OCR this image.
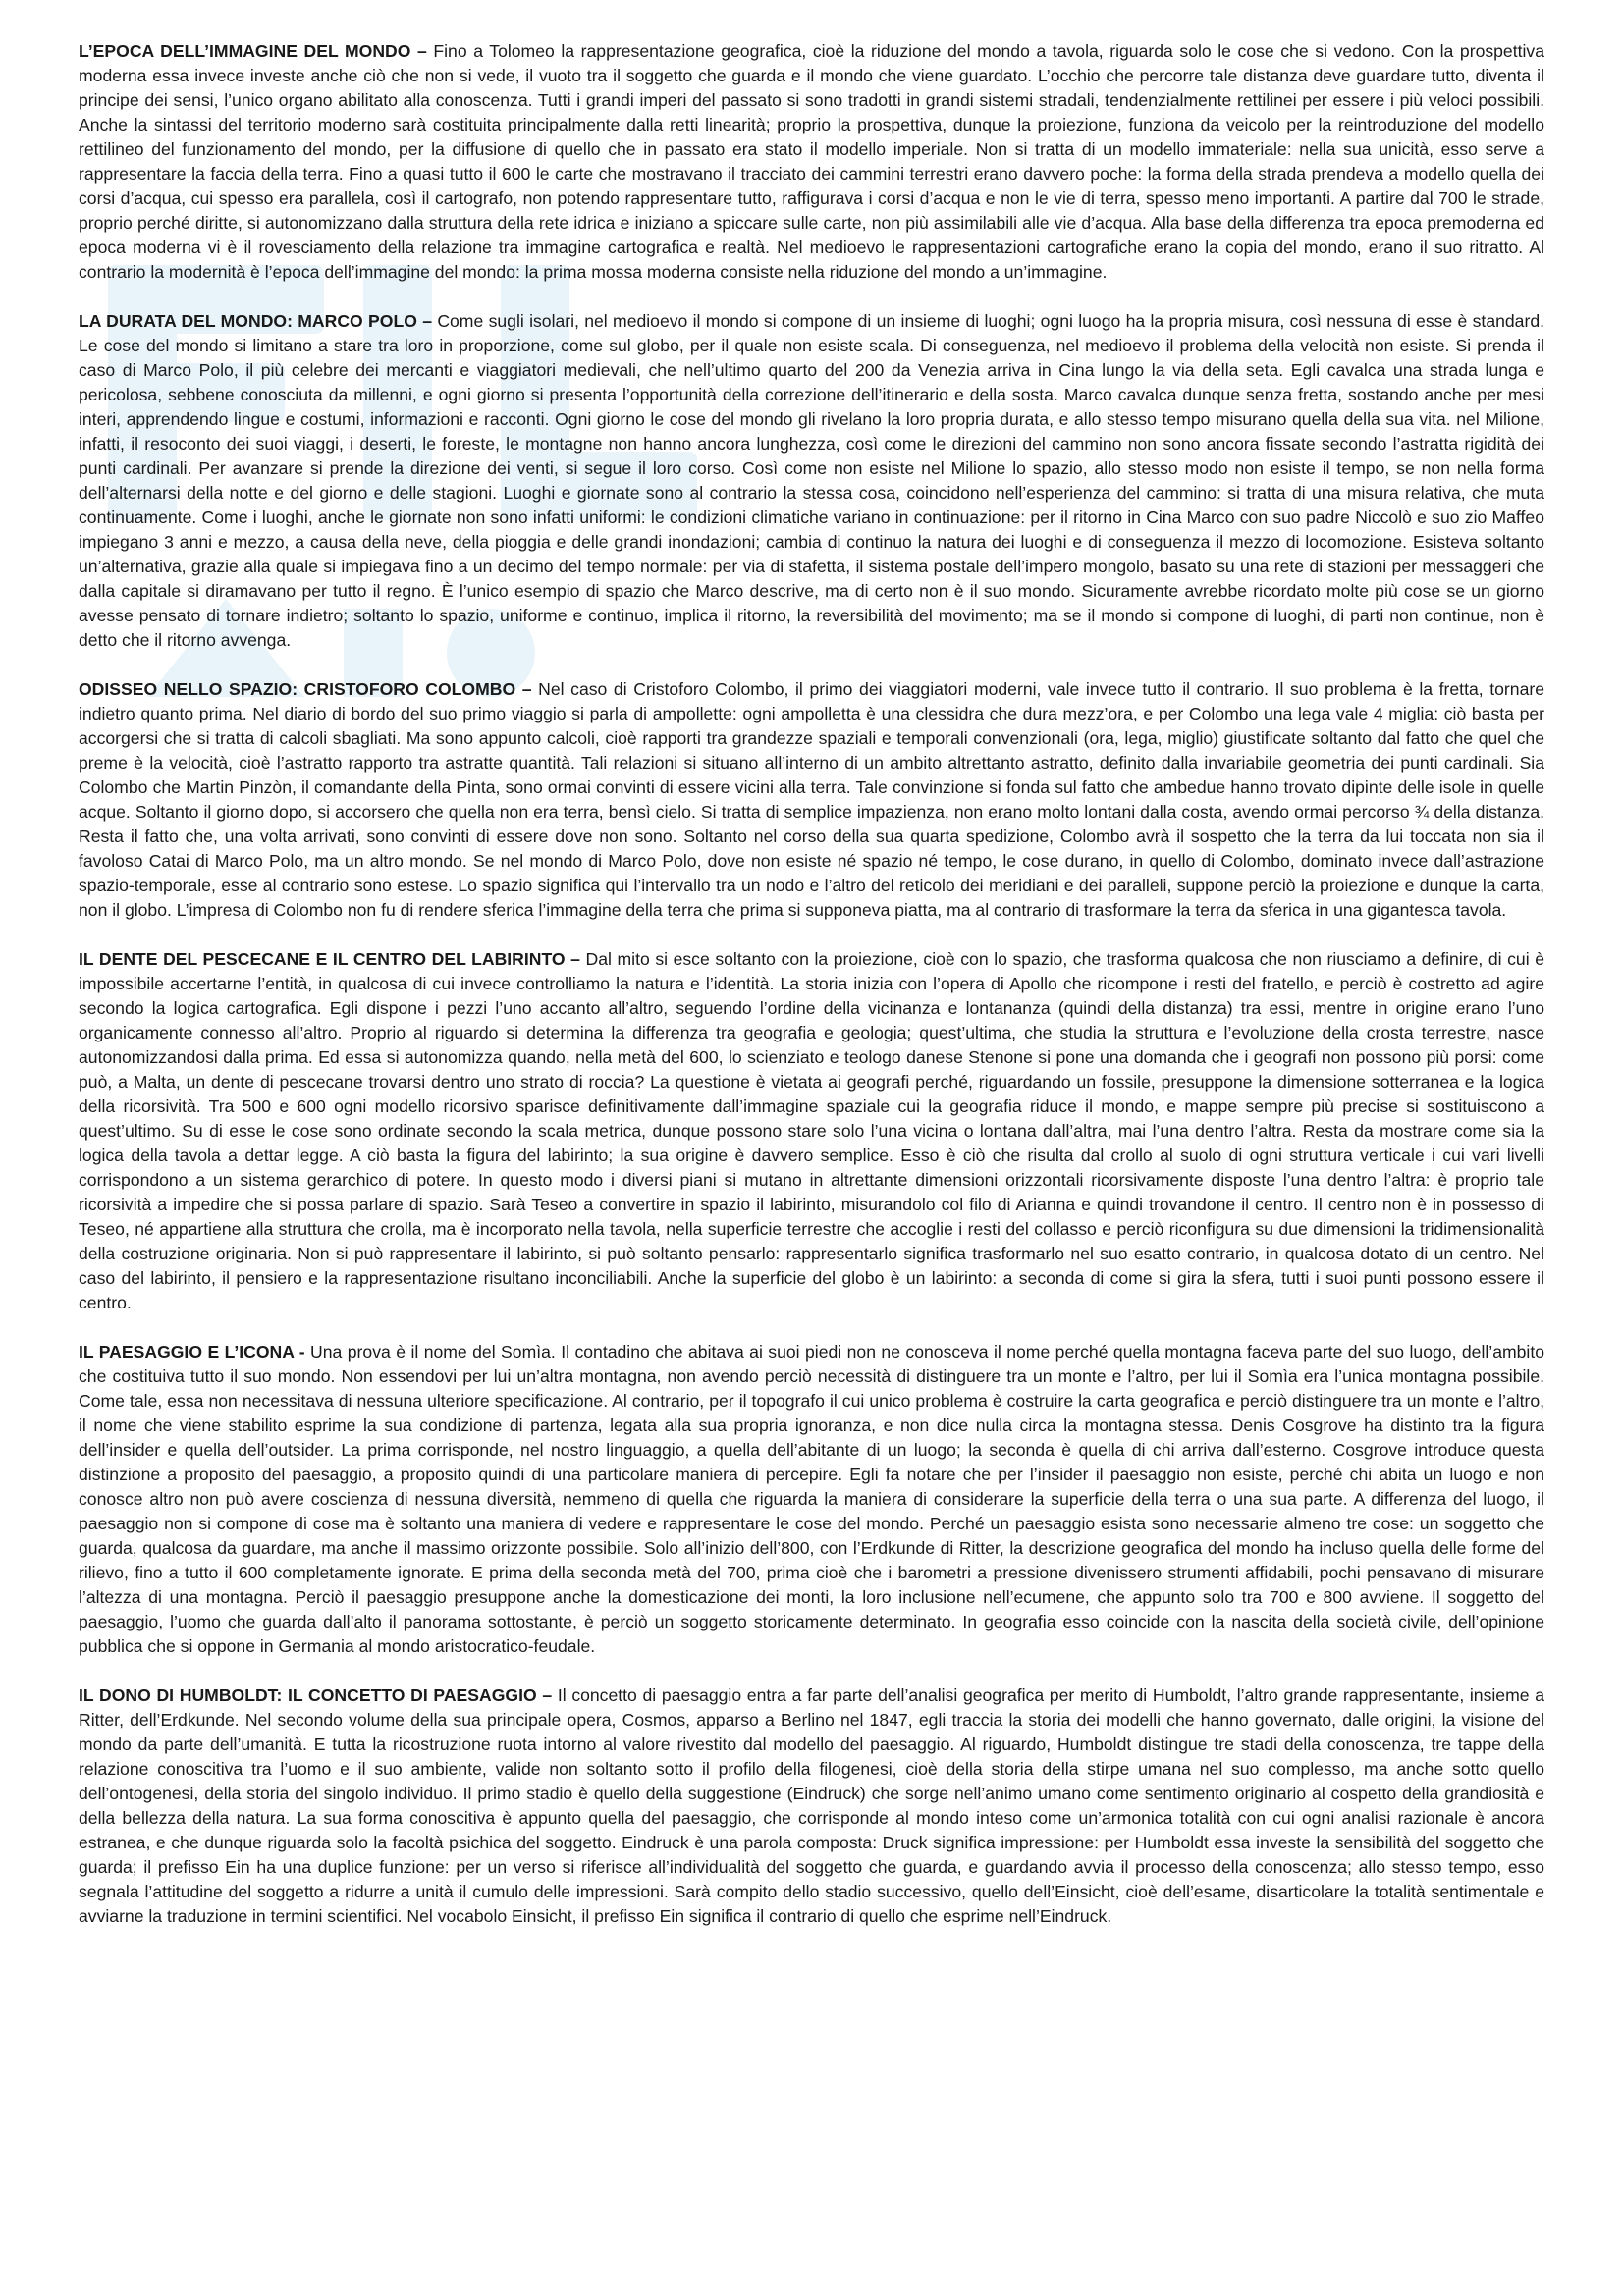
L’EPOCA DELL’IMMAGINE DEL MONDO – Fino a Tolomeo la rappresentazione geografica, cioè la riduzione del mondo a tavola, riguarda solo le cose che si vedono. Con la prospettiva moderna essa invece investe anche ciò che non si vede, il vuoto tra il soggetto che guarda e il mondo che viene guardato. L’occhio che percorre tale distanza deve guardare tutto, diventa il principe dei sensi, l’unico organo abilitato alla conoscenza. Tutti i grandi imperi del passato si sono tradotti in grandi sistemi stradali, tendenzialmente rettilinei per essere i più veloci possibili. Anche la sintassi del territorio moderno sarà costituita principalmente dalla retti linearità; proprio la prospettiva, dunque la proiezione, funziona da veicolo per la reintroduzione del modello rettilineo del funzionamento del mondo, per la diffusione di quello che in passato era stato il modello imperiale. Non si tratta di un modello immateriale: nella sua unicità, esso serve a rappresentare la faccia della terra. Fino a quasi tutto il 600 le carte che mostravano il tracciato dei cammini terrestri erano davvero poche: la forma della strada prendeva a modello quella dei corsi d’acqua, cui spesso era parallela, così il cartografo, non potendo rappresentare tutto, raffigurava i corsi d’acqua e non le vie di terra, spesso meno importanti. A partire dal 700 le strade, proprio perché diritte, si autonomizzano dalla struttura della rete idrica e iniziano a spiccare sulle carte, non più assimilabili alle vie d’acqua. Alla base della differenza tra epoca premoderna ed epoca moderna vi è il rovesciamento della relazione tra immagine cartografica e realtà. Nel medioevo le rappresentazioni cartografiche erano la copia del mondo, erano il suo ritratto. Al contrario la modernità è l’epoca dell’immagine del mondo: la prima mossa moderna consiste nella riduzione del mondo a un’immagine.

LA DURATA DEL MONDO: MARCO POLO – Come sugli isolari, nel medioevo il mondo si compone di un insieme di luoghi; ogni luogo ha la propria misura, così nessuna di esse è standard. Le cose del mondo si limitano a stare tra loro in proporzione, come sul globo, per il quale non esiste scala. Di conseguenza, nel medioevo il problema della velocità non esiste. Si prenda il caso di Marco Polo, il più celebre dei mercanti e viaggiatori medievali, che nell’ultimo quarto del 200 da Venezia arriva in Cina lungo la via della seta. Egli cavalca una strada lunga e pericolosa, sebbene conosciuta da millenni, e ogni giorno si presenta l’opportunità della correzione dell’itinerario e della sosta. Marco cavalca dunque senza fretta, sostando anche per mesi interi, apprendendo lingue e costumi, informazioni e racconti. Ogni giorno le cose del mondo gli rivelano la loro propria durata, e allo stesso tempo misurano quella della sua vita. nel Milione, infatti, il resoconto dei suoi viaggi, i deserti, le foreste, le montagne non hanno ancora lunghezza, così come le direzioni del cammino non sono ancora fissate secondo l’astratta rigidità dei punti cardinali. Per avanzare si prende la direzione dei venti, si segue il loro corso. Così come non esiste nel Milione lo spazio, allo stesso modo non esiste il tempo, se non nella forma dell’alternarsi della notte e del giorno e delle stagioni. Luoghi e giornate sono al contrario la stessa cosa, coincidono nell’esperienza del cammino: si tratta di una misura relativa, che muta continuamente. Come i luoghi, anche le giornate non sono infatti uniformi: le condizioni climatiche variano in continuazione: per il ritorno in Cina Marco con suo padre Niccolò e suo zio Maffeo impiegano 3 anni e mezzo, a causa della neve, della pioggia e delle grandi inondazioni; cambia di continuo la natura dei luoghi e di conseguenza il mezzo di locomozione. Esisteva soltanto un’alternativa, grazie alla quale si impiegava fino a un decimo del tempo normale: per via di stafetta, il sistema postale dell’impero mongolo, basato su una rete di stazioni per messaggeri che dalla capitale si diramavano per tutto il regno. È l’unico esempio di spazio che Marco descrive, ma di certo non è il suo mondo. Sicuramente avrebbe ricordato molte più cose se un giorno avesse pensato di tornare indietro; soltanto lo spazio, uniforme e continuo, implica il ritorno, la reversibilità del movimento; ma se il mondo si compone di luoghi, di parti non continue, non è detto che il ritorno avvenga.

ODISSEO NELLO SPAZIO: CRISTOFORO COLOMBO – Nel caso di Cristoforo Colombo, il primo dei viaggiatori moderni, vale invece tutto il contrario. Il suo problema è la fretta, tornare indietro quanto prima. Nel diario di bordo del suo primo viaggio si parla di ampollette: ogni ampolletta è una clessidra che dura mezz’ora, e per Colombo una lega vale 4 miglia: ciò basta per accorgersi che si tratta di calcoli sbagliati. Ma sono appunto calcoli, cioè rapporti tra grandezze spaziali e temporali convenzionali (ora, lega, miglio) giustificate soltanto dal fatto che quel che preme è la velocità, cioè l’astratto rapporto tra astratte quantità. Tali relazioni si situano all’interno di un ambito altrettanto astratto, definito dalla invariabile geometria dei punti cardinali. Sia Colombo che Martin Pinzòn, il comandante della Pinta, sono ormai convinti di essere vicini alla terra. Tale convinzione si fonda sul fatto che ambedue hanno trovato dipinte delle isole in quelle acque. Soltanto il giorno dopo, si accorsero che quella non era terra, bensì cielo. Si tratta di semplice impazienza, non erano molto lontani dalla costa, avendo ormai percorso ¾ della distanza. Resta il fatto che, una volta arrivati, sono convinti di essere dove non sono. Soltanto nel corso della sua quarta spedizione, Colombo avrà il sospetto che la terra da lui toccata non sia il favoloso Catai di Marco Polo, ma un altro mondo. Se nel mondo di Marco Polo, dove non esiste né spazio né tempo, le cose durano, in quello di Colombo, dominato invece dall’astrazione spazio-temporale, esse al contrario sono estese. Lo spazio significa qui l’intervallo tra un nodo e l’altro del reticolo dei meridiani e dei paralleli, suppone perciò la proiezione e dunque la carta, non il globo. L’impresa di Colombo non fu di rendere sferica l’immagine della terra che prima si supponeva piatta, ma al contrario di trasformare la terra da sferica in una gigantesca tavola.

IL DENTE DEL PESCECANE E IL CENTRO DEL LABIRINTO – Dal mito si esce soltanto con la proiezione, cioè con lo spazio, che trasforma qualcosa che non riusciamo a definire, di cui è impossibile accertarne l’entità, in qualcosa di cui invece controlliamo la natura e l’identità. La storia inizia con l’opera di Apollo che ricompone i resti del fratello, e perciò è costretto ad agire secondo la logica cartografica. Egli dispone i pezzi l’uno accanto all’altro, seguendo l’ordine della vicinanza e lontananza (quindi della distanza) tra essi, mentre in origine erano l’uno organicamente connesso all’altro. Proprio al riguardo si determina la differenza tra geografia e geologia; quest’ultima, che studia la struttura e l’evoluzione della crosta terrestre, nasce autonomizzandosi dalla prima. Ed essa si autonomizza quando, nella metà del 600, lo scienziato e teologo danese Stenone si pone una domanda che i geografi non possono più porsi: come può, a Malta, un dente di pescecane trovarsi dentro uno strato di roccia? La questione è vietata ai geografi perché, riguardando un fossile, presuppone la dimensione sotterranea e la logica della ricorsività. Tra 500 e 600 ogni modello ricorsivo sparisce definitivamente dall’immagine spaziale cui la geografia riduce il mondo, e mappe sempre più precise si sostituiscono a quest’ultimo. Su di esse le cose sono ordinate secondo la scala metrica, dunque possono stare solo l’una vicina o lontana dall’altra, mai l’una dentro l’altra. Resta da mostrare come sia la logica della tavola a dettar legge. A ciò basta la figura del labirinto; la sua origine è davvero semplice. Esso è ciò che risulta dal crollo al suolo di ogni struttura verticale i cui vari livelli corrispondono a un sistema gerarchico di potere. In questo modo i diversi piani si mutano in altrettante dimensioni orizzontali ricorsivamente disposte l’una dentro l’altra: è proprio tale ricorsività a impedire che si possa parlare di spazio. Sarà Teseo a convertire in spazio il labirinto, misurandolo col filo di Arianna e quindi trovandone il centro. Il centro non è in possesso di Teseo, né appartiene alla struttura che crolla, ma è incorporato nella tavola, nella superficie terrestre che accoglie i resti del collasso e perciò riconfigura su due dimensioni la tridimensionalità della costruzione originaria. Non si può rappresentare il labirinto, si può soltanto pensarlo: rappresentarlo significa trasformarlo nel suo esatto contrario, in qualcosa dotato di un centro. Nel caso del labirinto, il pensiero e la rappresentazione risultano inconciliabili. Anche la superficie del globo è un labirinto: a seconda di come si gira la sfera, tutti i suoi punti possono essere il centro.

IL PAESAGGIO E L’ICONA - Una prova è il nome del Somìa. Il contadino che abitava ai suoi piedi non ne conosceva il nome perché quella montagna faceva parte del suo luogo, dell’ambito che costituiva tutto il suo mondo. Non essendovi per lui un’altra montagna, non avendo perciò necessità di distinguere tra un monte e l’altro, per lui il Somìa era l’unica montagna possibile. Come tale, essa non necessitava di nessuna ulteriore specificazione. Al contrario, per il topografo il cui unico problema è costruire la carta geografica e perciò distinguere tra un monte e l’altro, il nome che viene stabilito esprime la sua condizione di partenza, legata alla sua propria ignoranza, e non dice nulla circa la montagna stessa. Denis Cosgrove ha distinto tra la figura dell’insider e quella dell’outsider. La prima corrisponde, nel nostro linguaggio, a quella dell’abitante di un luogo; la seconda è quella di chi arriva dall’esterno. Cosgrove introduce questa distinzione a proposito del paesaggio, a proposito quindi di una particolare maniera di percepire. Egli fa notare che per l’insider il paesaggio non esiste, perché chi abita un luogo e non conosce altro non può avere coscienza di nessuna diversità, nemmeno di quella che riguarda la maniera di considerare la superficie della terra o una sua parte. A differenza del luogo, il paesaggio non si compone di cose ma è soltanto una maniera di vedere e rappresentare le cose del mondo. Perché un paesaggio esista sono necessarie almeno tre cose: un soggetto che guarda, qualcosa da guardare, ma anche il massimo orizzonte possibile. Solo all’inizio dell’800, con l’Erdkunde di Ritter, la descrizione geografica del mondo ha incluso quella delle forme del rilievo, fino a tutto il 600 completamente ignorate. E prima della seconda metà del 700, prima cioè che i barometri a pressione divenissero strumenti affidabili, pochi pensavano di misurare l’altezza di una montagna. Perciò il paesaggio presuppone anche la domesticazione dei monti, la loro inclusione nell’ecumene, che appunto solo tra 700 e 800 avviene. Il soggetto del paesaggio, l’uomo che guarda dall’alto il panorama sottostante, è perciò un soggetto storicamente determinato. In geografia esso coincide con la nascita della società civile, dell’opinione pubblica che si oppone in Germania al mondo aristocratico-feudale.

IL DONO DI HUMBOLDT: IL CONCETTO DI PAESAGGIO – Il concetto di paesaggio entra a far parte dell’analisi geografica per merito di Humboldt, l’altro grande rappresentante, insieme a Ritter, dell’Erdkunde. Nel secondo volume della sua principale opera, Cosmos, apparso a Berlino nel 1847, egli traccia la storia dei modelli che hanno governato, dalle origini, la visione del mondo da parte dell’umanità. E tutta la ricostruzione ruota intorno al valore rivestito dal modello del paesaggio. Al riguardo, Humboldt distingue tre stadi della conoscenza, tre tappe della relazione conoscitiva tra l’uomo e il suo ambiente, valide non soltanto sotto il profilo della filogenesi, cioè della storia della stirpe umana nel suo complesso, ma anche sotto quello dell’ontogenesi, della storia del singolo individuo. Il primo stadio è quello della suggestione (Eindruck) che sorge nell’animo umano come sentimento originario al cospetto della grandiosità e della bellezza della natura. La sua forma conoscitiva è appunto quella del paesaggio, che corrisponde al mondo inteso come un’armonica totalità con cui ogni analisi razionale è ancora estranea, e che dunque riguarda solo la facoltà psichica del soggetto. Eindruck è una parola composta: Druck significa impressione: per Humboldt essa investe la sensibilità del soggetto che guarda; il prefisso Ein ha una duplice funzione: per un verso si riferisce all’individualità del soggetto che guarda, e guardando avvia il processo della conoscenza; allo stesso tempo, esso segnala l’attitudine del soggetto a ridurre a unità il cumulo delle impressioni. Sarà compito dello stadio successivo, quello dell’Einsicht, cioè dell’esame, disarticolare la totalità sentimentale e avviarne la traduzione in termini scientifici. Nel vocabolo Einsicht, il prefisso Ein significa il contrario di quello che esprime nell’Eindruck.
